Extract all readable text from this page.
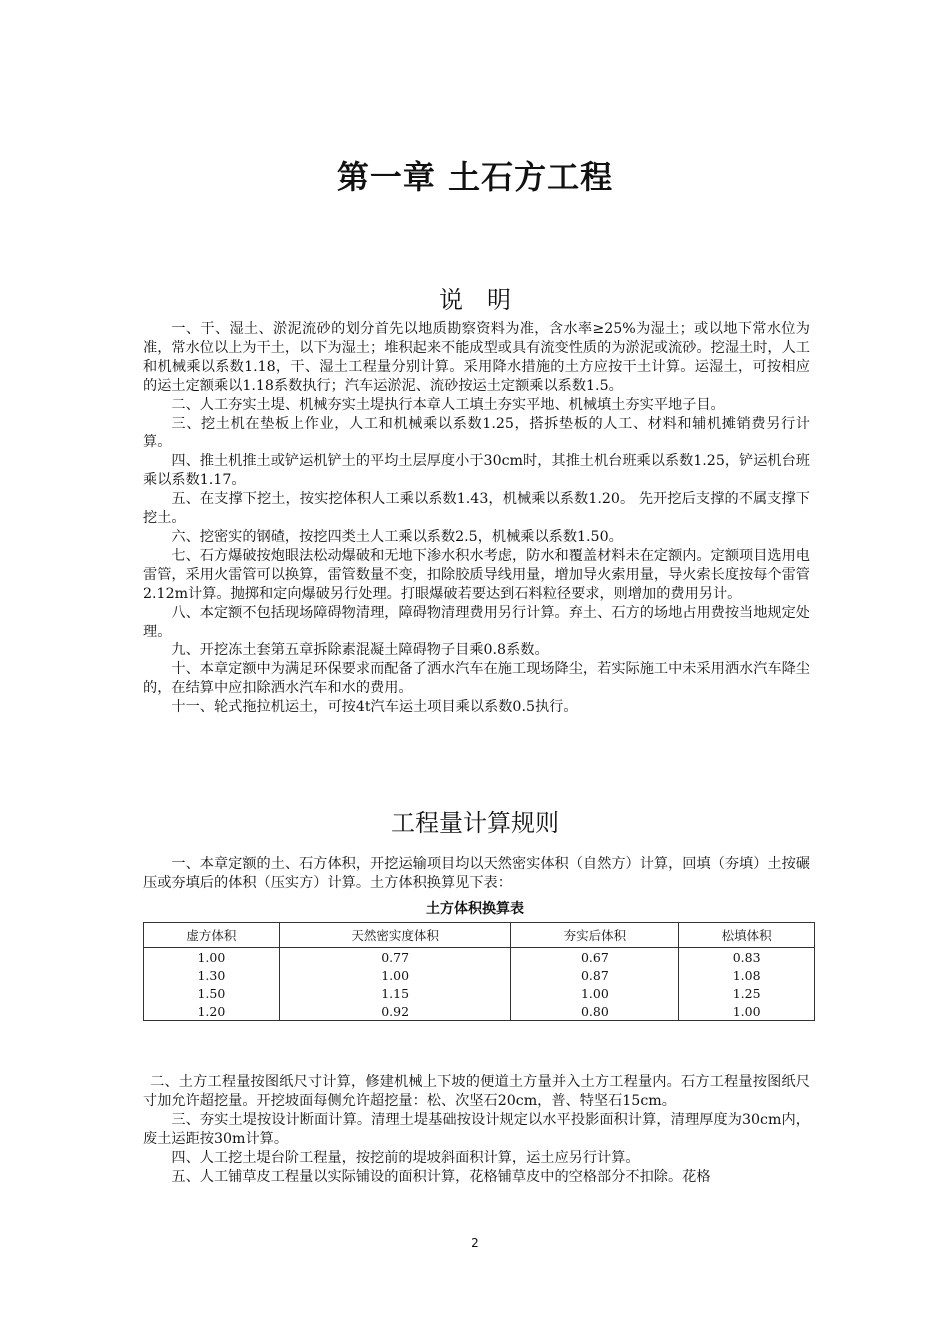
第一章 土石方工程
说　明

一、干、湿土、淤泥流砂的划分首先以地质勘察资料为准，含水率≥25%为湿土；或以地下常水位为准，常水位以上为干土，以下为湿土；堆积起来不能成型或具有流变性质的为淤泥或流砂。挖湿土时，人工和机械乘以系数1.18，干、湿土工程量分别计算。采用降水措施的土方应按干土计算。运湿土，可按相应的运土定额乘以1.18系数执行；汽车运淤泥、流砂按运土定额乘以系数1.5。

二、人工夯实土堤、机械夯实土堤执行本章人工填土夯实平地、机械填土夯实平地子目。

三、挖土机在垫板上作业，人工和机械乘以系数1.25，搭拆垫板的人工、材料和辅机摊销费另行计算。

四、推土机推土或铲运机铲土的平均土层厚度小于30cm时，其推土机台班乘以系数1.25，铲运机台班乘以系数1.17。

五、在支撑下挖土，按实挖体积人工乘以系数1.43，机械乘以系数1.20。 先开挖后支撑的不属支撑下挖土。

六、挖密实的钢碴，按挖四类土人工乘以系数2.5，机械乘以系数1.50。

七、石方爆破按炮眼法松动爆破和无地下渗水积水考虑，防水和覆盖材料未在定额内。定额项目选用电雷管，采用火雷管可以换算，雷管数量不变，扣除胶质导线用量，增加导火索用量，导火索长度按每个雷管2.12m计算。抛掷和定向爆破另行处理。打眼爆破若要达到石料粒径要求，则增加的费用另计。

八、本定额不包括现场障碍物清理，障碍物清理费用另行计算。弃土、石方的场地占用费按当地规定处理。

九、开挖冻土套第五章拆除素混凝土障碍物子目乘0.8系数。

十、本章定额中为满足环保要求而配备了洒水汽车在施工现场降尘，若实际施工中未采用洒水汽车降尘的，在结算中应扣除洒水汽车和水的费用。

十一、轮式拖拉机运土，可按4t汽车运土项目乘以系数0.5执行。

工程量计算规则

一、本章定额的土、石方体积，开挖运输项目均以天然密实体积（自然方）计算，回填（夯填）土按碾压或夯填后的体积（压实方）计算。土方体积换算见下表：

土方体积换算表
虚方体积	天然密实度体积	夯实后体积	松填体积
1.00	0.77	0.67	0.83
1.30	1.00	0.87	1.08
1.50	1.15	1.00	1.25
1.20	0.92	0.80	1.00

二、土方工程量按图纸尺寸计算，修建机械上下坡的便道土方量并入土方工程量内。石方工程量按图纸尺寸加允许超挖量。开挖坡面每侧允许超挖量：松、次坚石20cm，普、特坚石15cm。

三、夯实土堤按设计断面计算。清理土堤基础按设计规定以水平投影面积计算，清理厚度为30cm内，废土运距按30m计算。

四、人工挖土堤台阶工程量，按挖前的堤坡斜面积计算，运土应另行计算。

五、人工铺草皮工程量以实际铺设的面积计算，花格铺草皮中的空格部分不扣除。花格

2
